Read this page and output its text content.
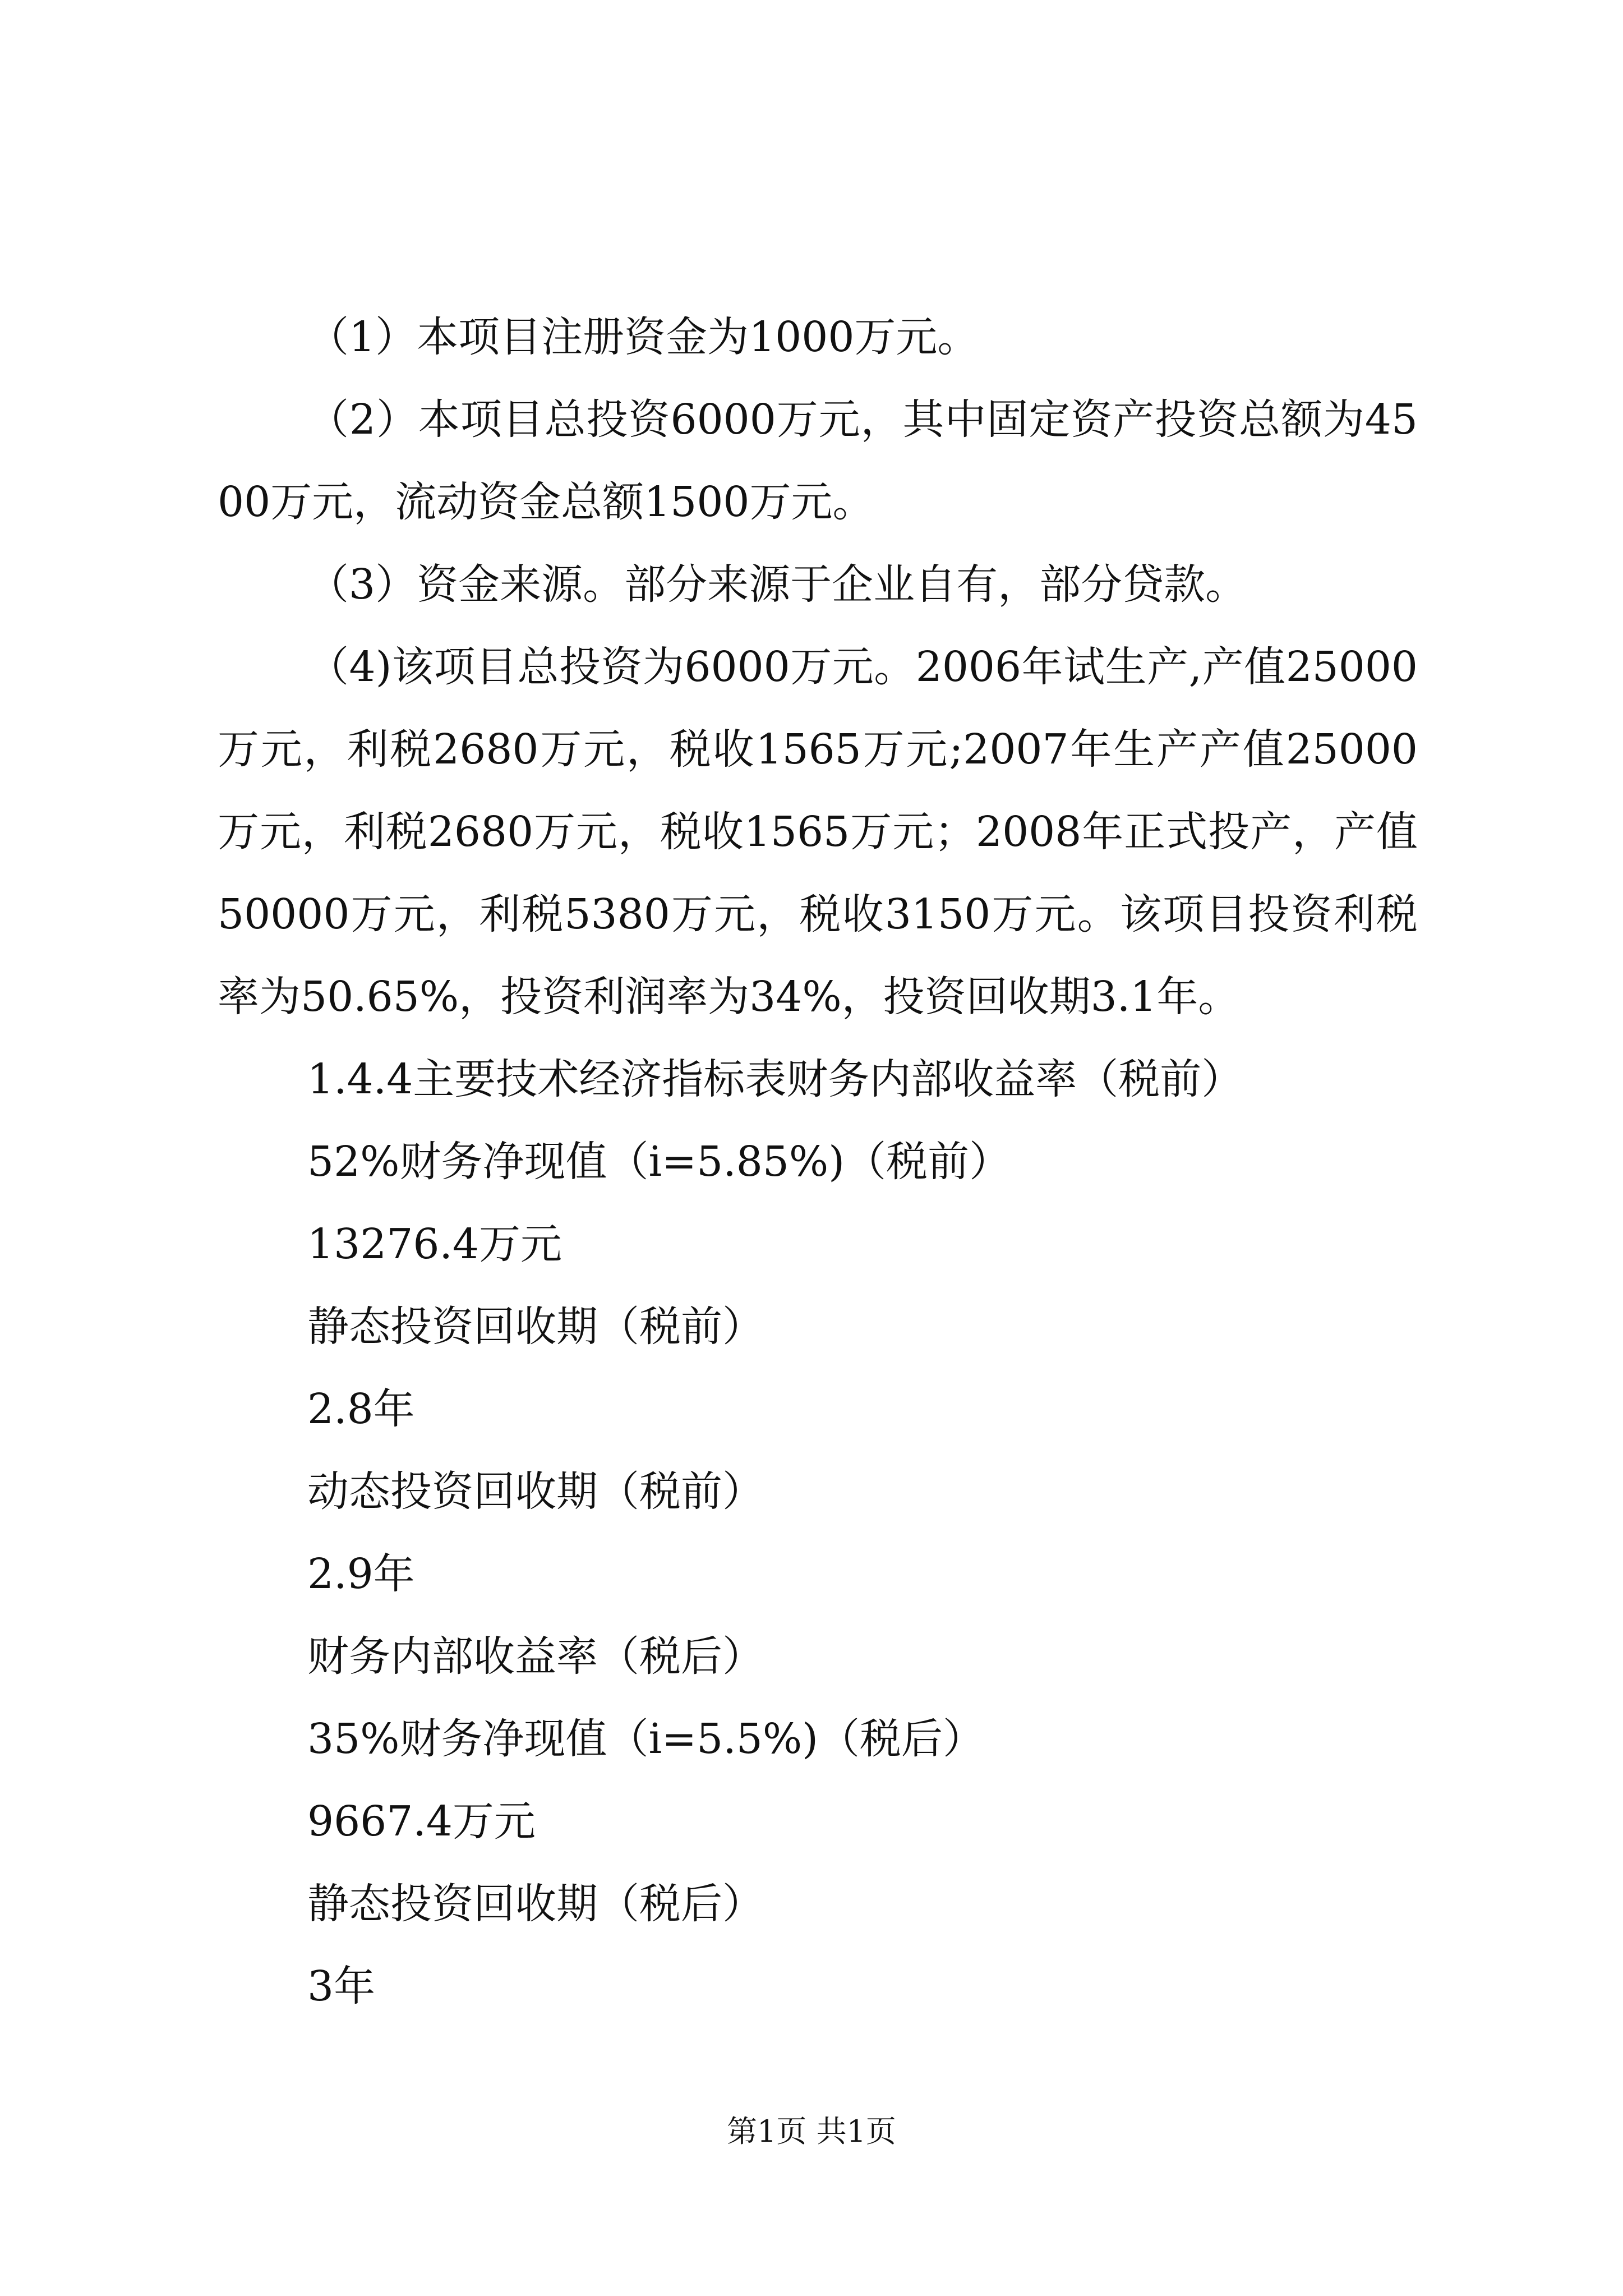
（1）本项目注册资金为1000万元。

（2）本项目总投资6000万元，其中固定资产投资总额为4500万元，流动资金总额1500万元。

（3）资金来源。部分来源于企业自有，部分贷款。

（4)该项目总投资为6000万元。2006年试生产,产值25000万元，利税2680万元，税收1565万元;2007年生产产值25000万元，利税2680万元，税收1565万元；2008年正式投产，产值50000万元，利税5380万元，税收3150万元。该项目投资利税率为50.65%，投资利润率为34%，投资回收期3.1年。

1.4.4主要技术经济指标表财务内部收益率（税前）

52%财务净现值（i=5.85%)（税前）

13276.4万元

静态投资回收期（税前）

2.8年

动态投资回收期（税前）

2.9年

财务内部收益率（税后）

35%财务净现值（i=5.5%)（税后）

9667.4万元

静态投资回收期（税后）

3年

第1页 共1页
